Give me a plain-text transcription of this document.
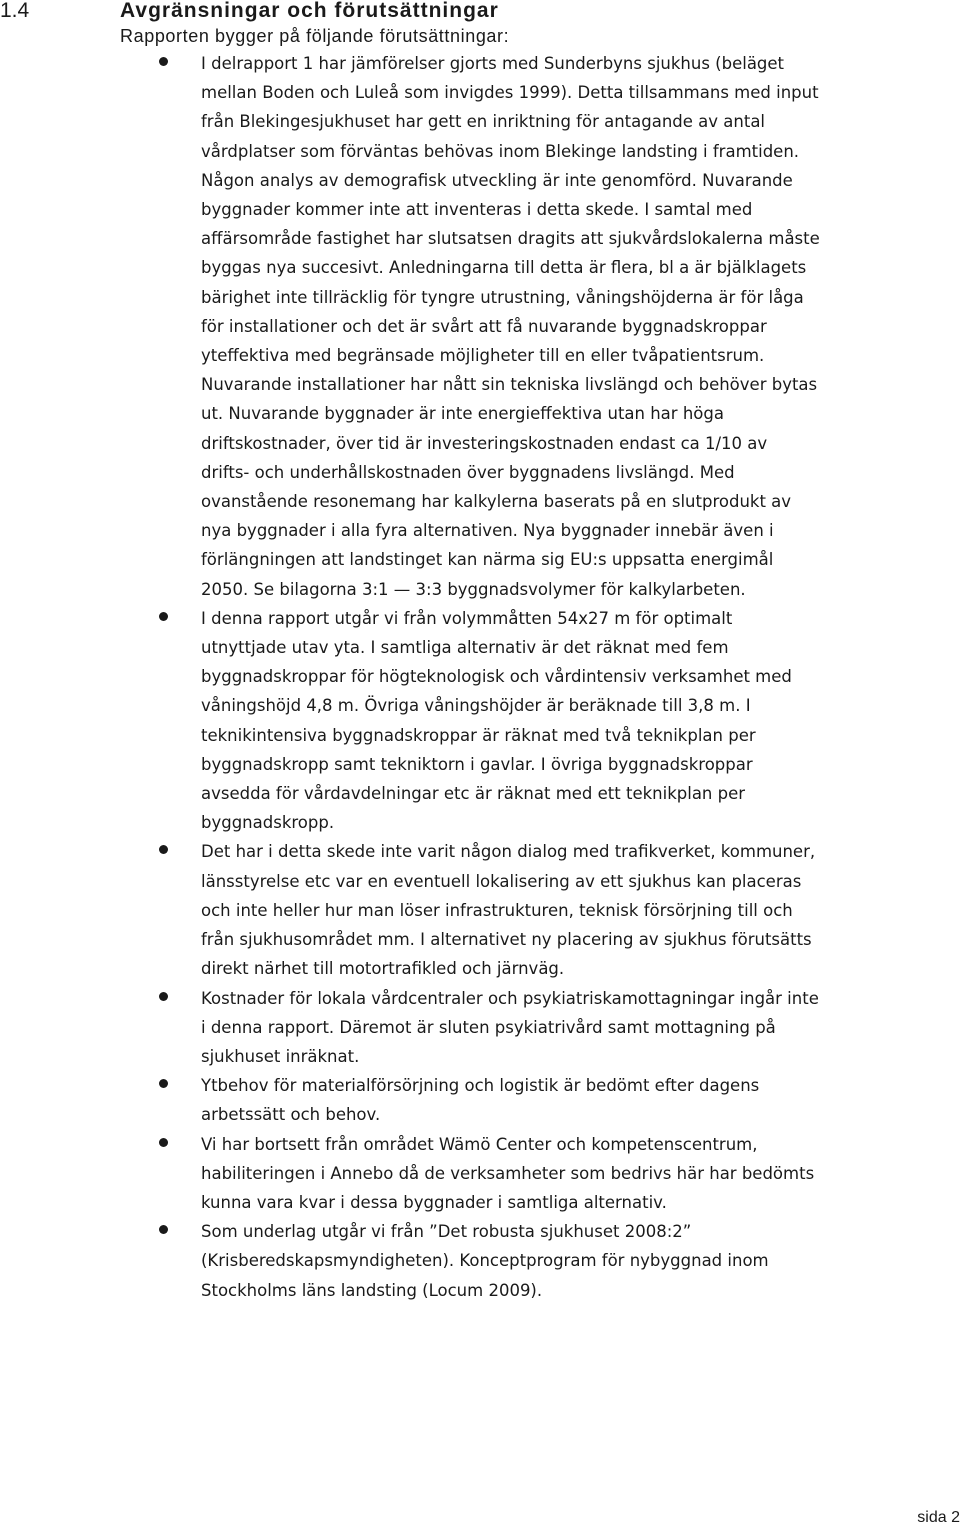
1.4	Avgränsningar och förutsättningar
Rapporten bygger på följande förutsättningar:
I delrapport 1 har jämförelser gjorts med Sunderbyns sjukhus (beläget
mellan Boden och Luleå som invigdes 1999). Detta tillsammans med input
från Blekingesjukhuset har gett en inriktning för antagande av antal
vårdplatser som förväntas behövas inom Blekinge landsting i framtiden.
Någon analys av demografisk utveckling är inte genomförd. Nuvarande
byggnader kommer inte att inventeras i detta skede. I samtal med
affärsområde fastighet har slutsatsen dragits att sjukvårdslokalerna måste
byggas nya succesivt. Anledningarna till detta är flera, bl a är bjälklagets
bärighet inte tillräcklig för tyngre utrustning, våningshöjderna är för låga
för installationer och det är svårt att få nuvarande byggnadskroppar
yteffektiva med begränsade möjligheter till en eller tvåpatientsrum.
Nuvarande installationer har nått sin tekniska livslängd och behöver bytas
ut. Nuvarande byggnader är inte energieffektiva utan har höga
driftskostnader, över tid är investeringskostnaden endast ca 1/10 av
drifts- och underhållskostnaden över byggnadens livslängd. Med
ovanstående resonemang har kalkylerna baserats på en slutprodukt av
nya byggnader i alla fyra alternativen. Nya byggnader innebär även i
förlängningen att landstinget kan närma sig EU:s uppsatta energimål
2050. Se bilagorna 3:1 — 3:3 byggnadsvolymer för kalkylarbeten.
I denna rapport utgår vi från volymmåtten 54x27 m för optimalt
utnyttjade utav yta. I samtliga alternativ är det räknat med fem
byggnadskroppar för högteknologisk och vårdintensiv verksamhet med
våningshöjd 4,8 m. Övriga våningshöjder är beräknade till 3,8 m. I
teknikintensiva byggnadskroppar är räknat med två teknikplan per
byggnadskropp samt tekniktorn i gavlar. I övriga byggnadskroppar
avsedda för vårdavdelningar etc är räknat med ett teknikplan per
byggnadskropp.
Det har i detta skede inte varit någon dialog med trafikverket, kommuner,
länsstyrelse etc var en eventuell lokalisering av ett sjukhus kan placeras
och inte heller hur man löser infrastrukturen, teknisk försörjning till och
från sjukhusområdet mm. I alternativet ny placering av sjukhus förutsätts
direkt närhet till motortrafikled och järnväg.
Kostnader för lokala vårdcentraler och psykiatriskamottagningar ingår inte
i denna rapport. Däremot är sluten psykiatrivård samt mottagning på
sjukhuset inräknat.
Ytbehov för materialförsörjning och logistik är bedömt efter dagens
arbetssätt och behov.
Vi har bortsett från området Wämö Center och kompetenscentrum,
habiliteringen i Annebo då de verksamheter som bedrivs här har bedömts
kunna vara kvar i dessa byggnader i samtliga alternativ.
Som underlag utgår vi från ”Det robusta sjukhuset 2008:2”
(Krisberedskapsmyndigheten). Konceptprogram för nybyggnad inom
Stockholms läns landsting (Locum 2009).
sida 2
